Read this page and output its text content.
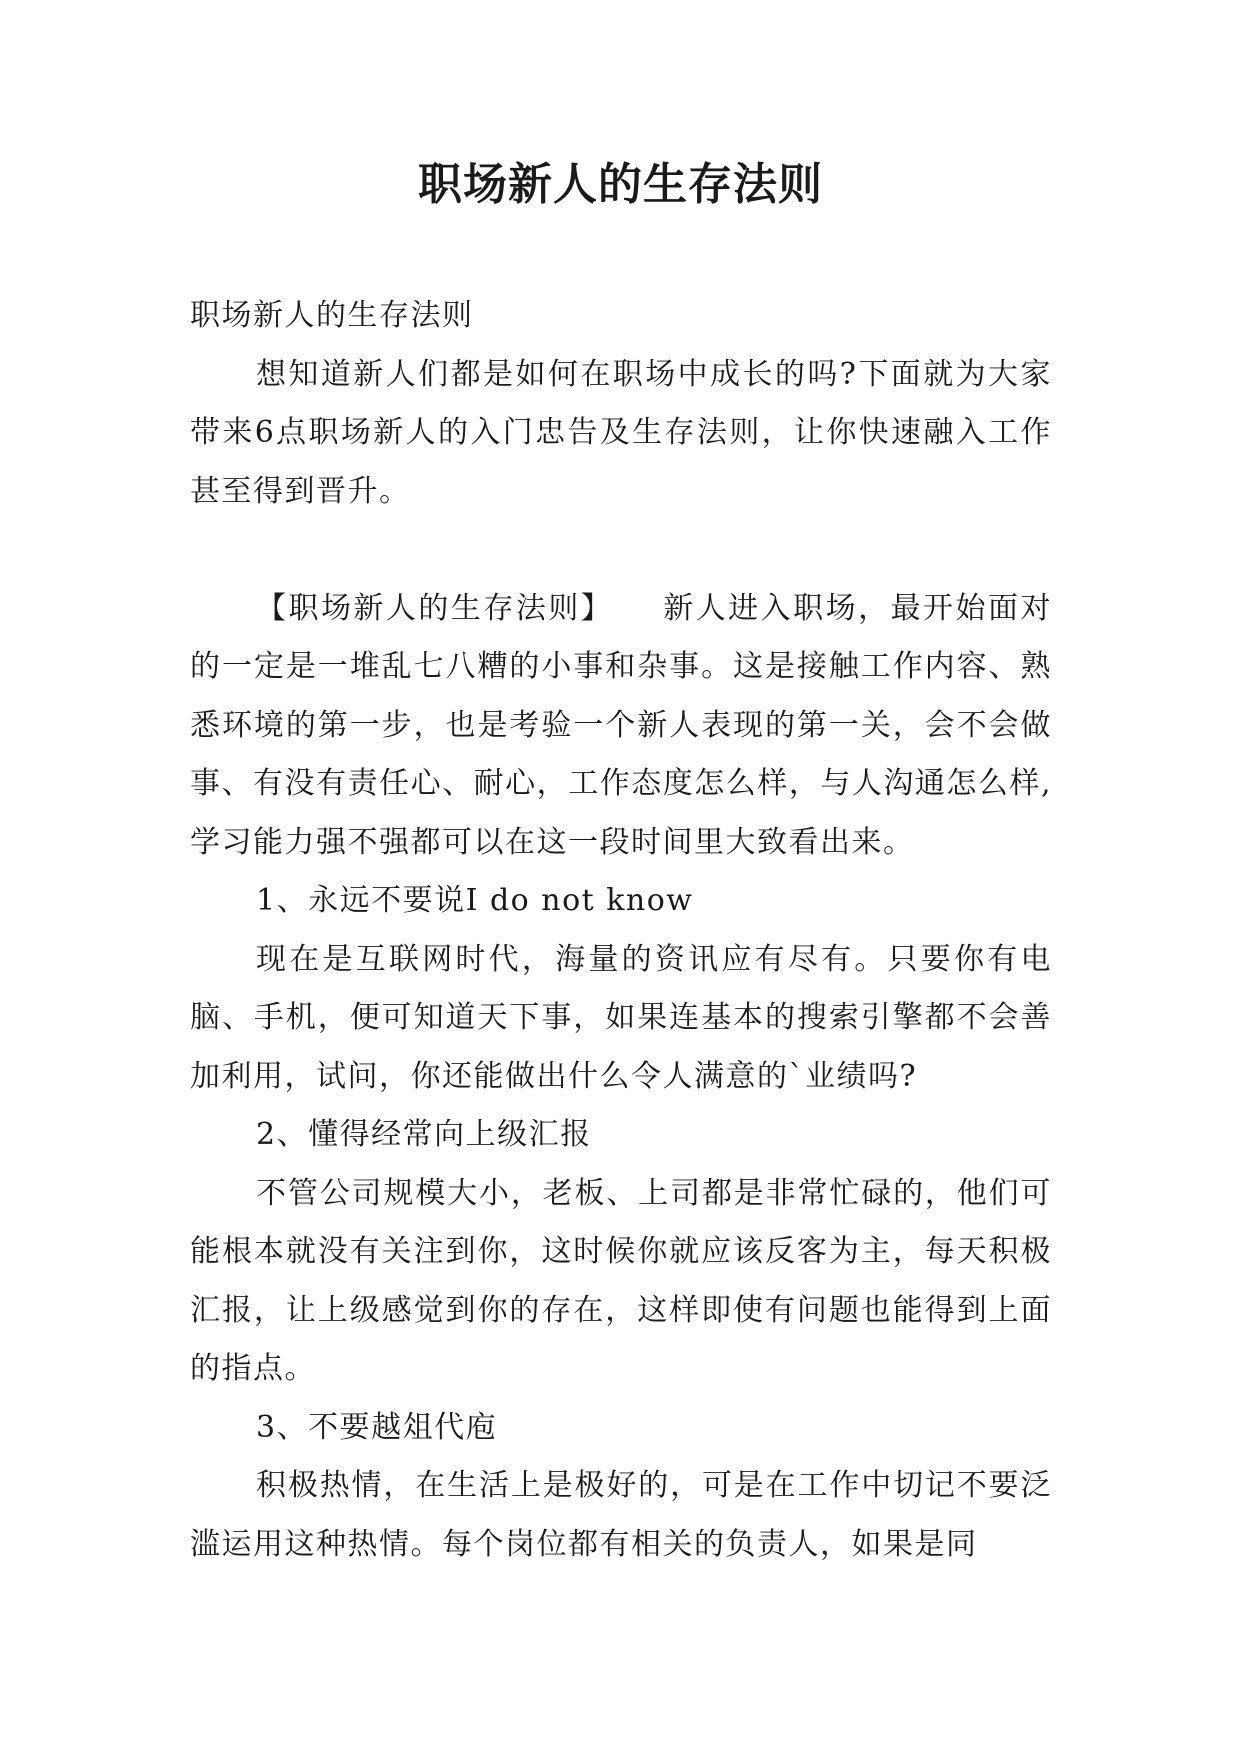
职场新人的生存法则

职场新人的生存法则

想知道新人们都是如何在职场中成长的吗?下面就为大家带来6点职场新人的入门忠告及生存法则，让你快速融入工作甚至得到晋升。

【职场新人的生存法则】　　新人进入职场，最开始面对的一定是一堆乱七八糟的小事和杂事。这是接触工作内容、熟悉环境的第一步，也是考验一个新人表现的第一关，会不会做事、有没有责任心、耐心，工作态度怎么样，与人沟通怎么样,学习能力强不强都可以在这一段时间里大致看出来。

1、永远不要说I do not know

现在是互联网时代，海量的资讯应有尽有。只要你有电脑、手机，便可知道天下事，如果连基本的搜索引擎都不会善加利用，试问，你还能做出什么令人满意的`业绩吗?

2、懂得经常向上级汇报

不管公司规模大小，老板、上司都是非常忙碌的，他们可能根本就没有关注到你，这时候你就应该反客为主，每天积极汇报，让上级感觉到你的存在，这样即使有问题也能得到上面的指点。

3、不要越俎代庖

积极热情，在生活上是极好的，可是在工作中切记不要泛滥运用这种热情。每个岗位都有相关的负责人，如果是同
